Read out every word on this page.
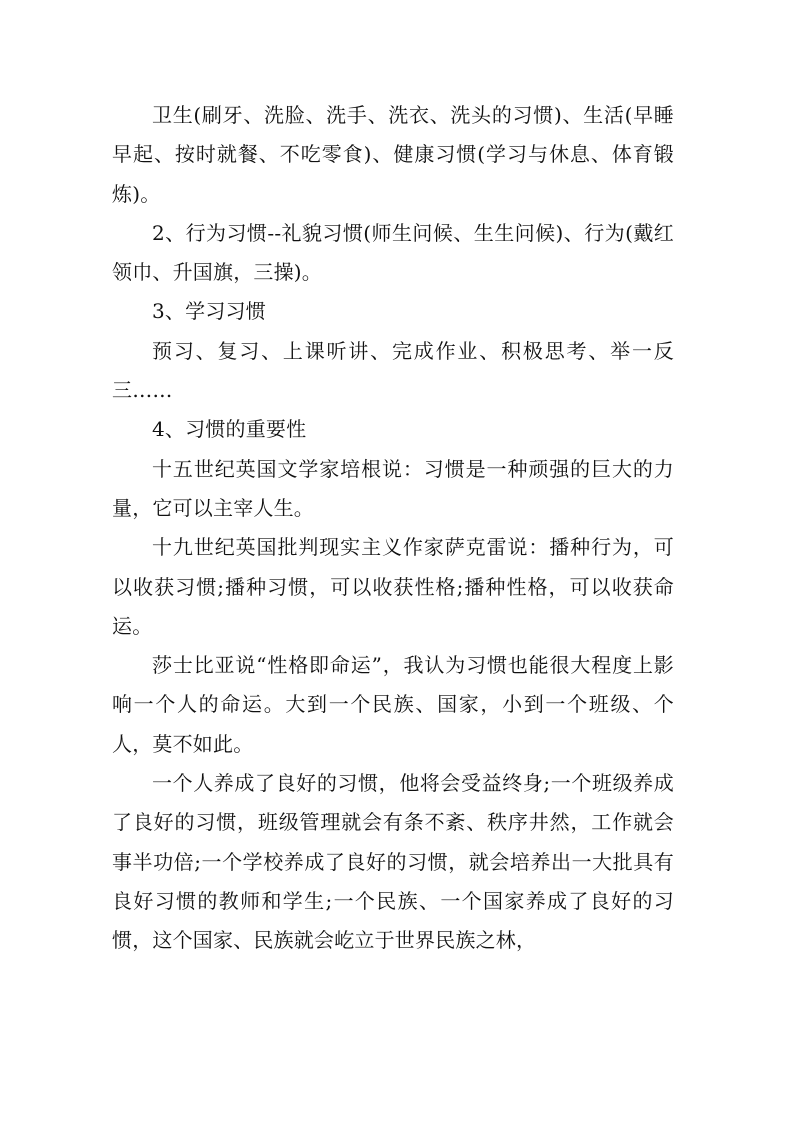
卫生(刷牙、洗脸、洗手、洗衣、洗头的习惯)、生活(早睡早起、按时就餐、不吃零食)、健康习惯(学习与休息、体育锻炼)。

2、行为习惯--礼貌习惯(师生问候、生生问候)、行为(戴红领巾、升国旗，三操)。

3、学习习惯

预习、复习、上课听讲、完成作业、积极思考、举一反三……

4、习惯的重要性

十五世纪英国文学家培根说：习惯是一种顽强的巨大的力量，它可以主宰人生。

十九世纪英国批判现实主义作家萨克雷说：播种行为，可以收获习惯;播种习惯，可以收获性格;播种性格，可以收获命运。

莎士比亚说“性格即命运”，我认为习惯也能很大程度上影响一个人的命运。大到一个民族、国家，小到一个班级、个人，莫不如此。

一个人养成了良好的习惯，他将会受益终身;一个班级养成了良好的习惯，班级管理就会有条不紊、秩序井然，工作就会事半功倍;一个学校养成了良好的习惯，就会培养出一大批具有良好习惯的教师和学生;一个民族、一个国家养成了良好的习惯，这个国家、民族就会屹立于世界民族之林，
